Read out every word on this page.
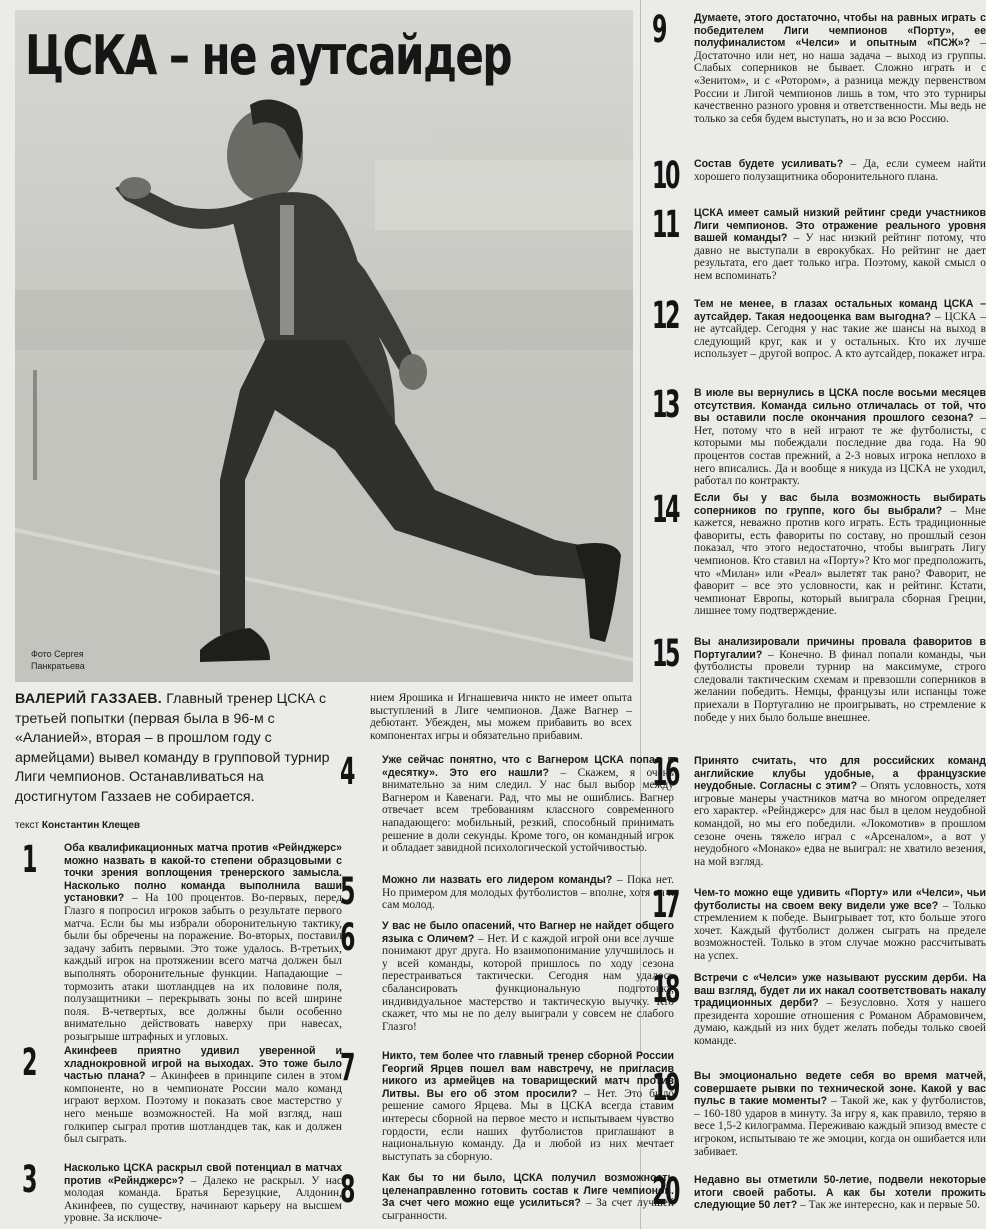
ЦСКА – не аутсайдер
Фото Сергея
Панкратьева
ВАЛЕРИЙ ГАЗЗАЕВ. Главный тренер ЦСКА с третьей попытки (первая была в 96-м с «Аланией», вторая – в прошлом году с армейцами) вывел команду в групповой турнир Лиги чемпионов. Останавливаться на достигнутом Газзаев не собирается.
текст Константин Клещев
1	Оба квалификационных матча против «Рейнджерс» можно назвать в какой-то степени образцовыми с точки зрения воплощения тренерского замысла. Насколько полно команда выполнила ваши установки? – На 100 процентов. Во-первых, перед Глазго я попросил игроков забыть о результате первого матча. Если бы мы избрали оборонительную тактику, были бы обречены на поражение. Во-вторых, поставил задачу забить первыми. Это тоже удалось. В-третьих, каждый игрок на протяжении всего матча должен был выполнять оборонительные функции. Нападающие – тормозить атаки шотландцев на их половине поля, полузащитники – перекрывать зоны по всей ширине поля. В-четвертых, все должны были особенно внимательно действовать наверху при навесах, розыгрыше штрафных и угловых.
2	Акинфеев приятно удивил уверенной и хладнокровной игрой на выходах. Это тоже было частью плана? – Акинфеев в принципе силен в этом компоненте, но в чемпионате России мало команд играют верхом. Поэтому и показать свое мастерство у него меньше возможностей. На мой взгляд, наш голкипер сыграл против шотландцев так, как и должен был сыграть.
3	Насколько ЦСКА раскрыл свой потенциал в матчах против «Рейнджерс»? – Далеко не раскрыл. У нас молодая команда. Братья Березуцкие, Алдонин, Акинфеев, по существу, начинают карьеру на высшем уровне. За исключе-
нием Ярошика и Игнашевича никто не имеет опыта выступлений в Лиге чемпионов. Даже Вагнер – дебютант. Убежден, мы можем прибавить во всех компонентах игры и обязательно прибавим.
4	Уже сейчас понятно, что с Вагнером ЦСКА попал в «десятку». Это его нашли? – Скажем, я очень внимательно за ним следил. У нас был выбор между Вагнером и Кавенаги. Рад, что мы не ошиблись. Вагнер отвечает всем требованиям классного современного нападающего: мобильный, резкий, способный принимать решение в доли секунды. Кроме того, он командный игрок и обладает завидной психологической устойчивостью.
5	Можно ли назвать его лидером команды? – Пока нет. Но примером для молодых футболистов – вполне, хотя он и сам молод.
6	У вас не было опасений, что Вагнер не найдет общего языка с Оличем? – Нет. И с каждой игрой они все лучше понимают друг друга. Но взаимопонимание улучшилось и у всей команды, которой пришлось по ходу сезона перестраиваться тактически. Сегодня нам удалось сбалансировать функциональную подготовку, индивидуальное мастерство и тактическую выучку. Кто скажет, что мы не по делу выиграли у совсем не слабого Глазго!
7	Никто, тем более что главный тренер сборной России Георгий Ярцев пошел вам навстречу, не пригласив никого из армейцев на товарищеский матч против Литвы. Вы его об этом просили? – Нет. Это было решение самого Ярцева. Мы в ЦСКА всегда ставим интересы сборной на первое место и испытываем чувство гордости, если наших футболистов приглашают в национальную команду. Да и любой из них мечтает выступать за сборную.
8	Как бы то ни было, ЦСКА получил возможность целенаправленно готовить состав к Лиге чемпионов. За счет чего можно еще усилиться? – За счет лучшей сыгранности.
9	Думаете, этого достаточно, чтобы на равных играть с победителем Лиги чемпионов «Порту», ее полуфиналистом «Челси» и опытным «ПСЖ»? – Достаточно или нет, но наша задача – выход из группы. Слабых соперников не бывает. Сложно играть и с «Зенитом», и с «Ротором», а разница между первенством России и Лигой чемпионов лишь в том, что это турниры качественно разного уровня и ответственности. Мы ведь не только за себя будем выступать, но и за всю Россию.
10 Состав будете усиливать? – Да, если сумеем найти хорошего полузащитника оборонительного плана.
11 ЦСКА имеет самый низкий рейтинг среди участников Лиги чемпионов. Это отражение реального уровня вашей команды? – У нас низкий рейтинг потому, что давно не выступали в еврокубках. Но рейтинг не дает результата, его дает только игра. Поэтому, какой смысл о нем вспоминать?
12 Тем не менее, в глазах остальных команд ЦСКА – аутсайдер. Такая недооценка вам выгодна? – ЦСКА – не аутсайдер. Сегодня у нас такие же шансы на выход в следующий круг, как и у остальных. Кто их лучше использует – другой вопрос. А кто аутсайдер, покажет игра.
13 В июле вы вернулись в ЦСКА после восьми месяцев отсутствия. Команда сильно отличалась от той, что вы оставили после окончания прошлого сезона? – Нет, потому что в ней играют те же футболисты, с которыми мы побеждали последние два года. На 90 процентов состав прежний, а 2-3 новых игрока неплохо в него вписались. Да и вообще я никуда из ЦСКА не уходил, работал по контракту.
14 Если бы у вас была возможность выбирать соперников по группе, кого бы выбрали? – Мне кажется, неважно против кого играть. Есть традиционные фавориты, есть фавориты по составу, но прошлый сезон показал, что этого недостаточно, чтобы выиграть Лигу чемпионов. Кто ставил на «Порту»? Кто мог предположить, что «Милан» или «Реал» вылетят так рано? Фаворит, не фаворит – все это условности, как и рейтинг. Кстати, чемпионат Европы, который выиграла сборная Греции, лишнее тому подтверждение.
15 Вы анализировали причины провала фаворитов в Португалии? – Конечно. В финал попали команды, чьи футболисты провели турнир на максимуме, строго следовали тактическим схемам и превзошли соперников в желании победить. Немцы, французы или испанцы тоже приехали в Португалию не проигрывать, но стремление к победе у них было больше внешнее.
16 Принято считать, что для российских команд английские клубы удобные, а французские неудобные. Согласны с этим? – Опять условность, хотя игровые манеры участников матча во многом определяет его характер. «Рейнджерс» для нас был в целом неудобной командой, но мы его победили. «Локомотив» в прошлом сезоне очень тяжело играл с «Арсеналом», а вот у неудобного «Монако» едва не выиграл: не хватило везения, на мой взгляд.
17 Чем-то можно еще удивить «Порту» или «Челси», чьи футболисты на своем веку видели уже все? – Только стремлением к победе. Выигрывает тот, кто больше этого хочет. Каждый футболист должен сыграть на пределе возможностей. Только в этом случае можно рассчитывать на успех.
18 Встречи с «Челси» уже называют русским дерби. На ваш взгляд, будет ли их накал соответствовать накалу традиционных дерби? – Безусловно. Хотя у нашего президента хорошие отношения с Романом Абрамовичем, думаю, каждый из них будет желать победы только своей команде.
19 Вы эмоционально ведете себя во время матчей, совершаете рывки по технической зоне. Какой у вас пульс в такие моменты? – Такой же, как у футболистов, – 160-180 ударов в минуту. За игру я, как правило, теряю в весе 1,5-2 килограмма. Переживаю каждый эпизод вместе с игроком, испытываю те же эмоции, когда он ошибается или забивает.
20 Недавно вы отметили 50-летие, подвели некоторые итоги своей работы. А как бы хотели прожить следующие 50 лет? – Так же интересно, как и первые 50.
